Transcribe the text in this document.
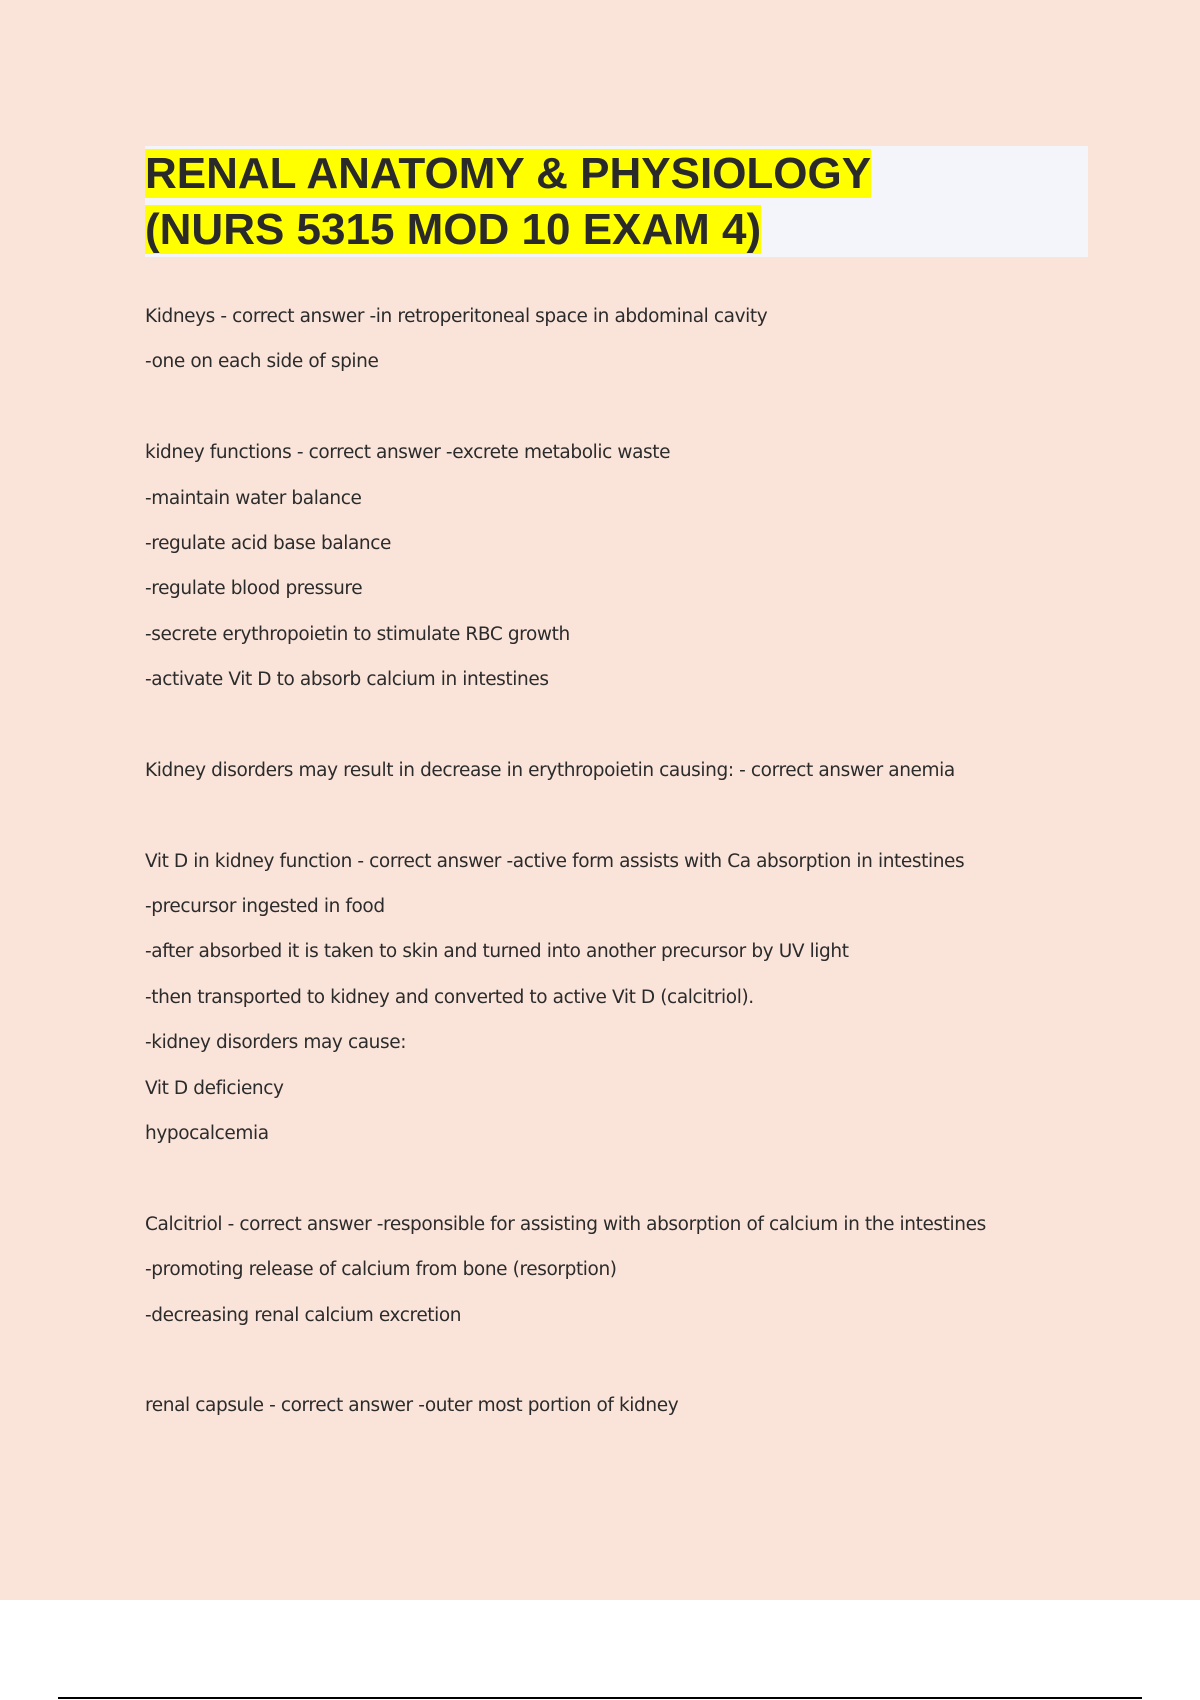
RENAL ANATOMY & PHYSIOLOGY
(NURS 5315 MOD 10 EXAM 4)
Kidneys - correct answer -in retroperitoneal space in abdominal cavity
-one on each side of spine
kidney functions - correct answer -excrete metabolic waste
-maintain water balance
-regulate acid base balance
-regulate blood pressure
-secrete erythropoietin to stimulate RBC growth
-activate Vit D to absorb calcium in intestines
Kidney disorders may result in decrease in erythropoietin causing: - correct answer anemia
Vit D in kidney function - correct answer -active form assists with Ca absorption in intestines
-precursor ingested in food
-after absorbed it is taken to skin and turned into another precursor by UV light
-then transported to kidney and converted to active Vit D (calcitriol).
-kidney disorders may cause:
Vit D deficiency
hypocalcemia
Calcitriol - correct answer -responsible for assisting with absorption of calcium in the intestines
-promoting release of calcium from bone (resorption)
-decreasing renal calcium excretion
renal capsule - correct answer -outer most portion of kidney
